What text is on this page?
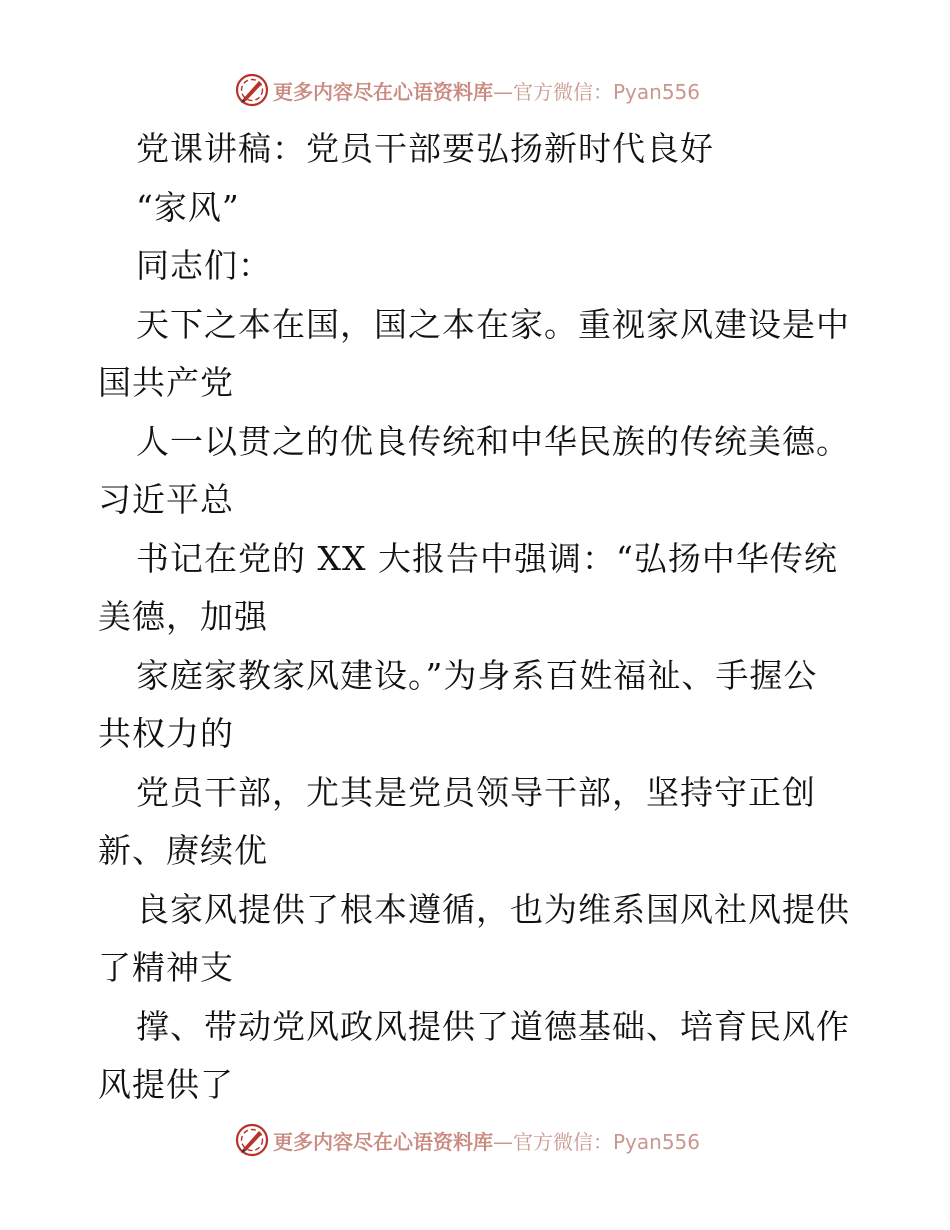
更多内容尽在心语资料库—官方微信：Pyan556
党课讲稿：党员干部要弘扬新时代良好
“家风”
同志们：
天下之本在国，国之本在家。重视家风建设是中
国共产党
人一以贯之的优良传统和中华民族的传统美德。
习近平总
书记在党的 XX 大报告中强调：“弘扬中华传统
美德，加强
家庭家教家风建设。”为身系百姓福祉、手握公
共权力的
党员干部，尤其是党员领导干部，坚持守正创
新、赓续优
良家风提供了根本遵循，也为维系国风社风提供
了精神支
撑、带动党风政风提供了道德基础、培育民风作
风提供了
更多内容尽在心语资料库—官方微信：Pyan556
